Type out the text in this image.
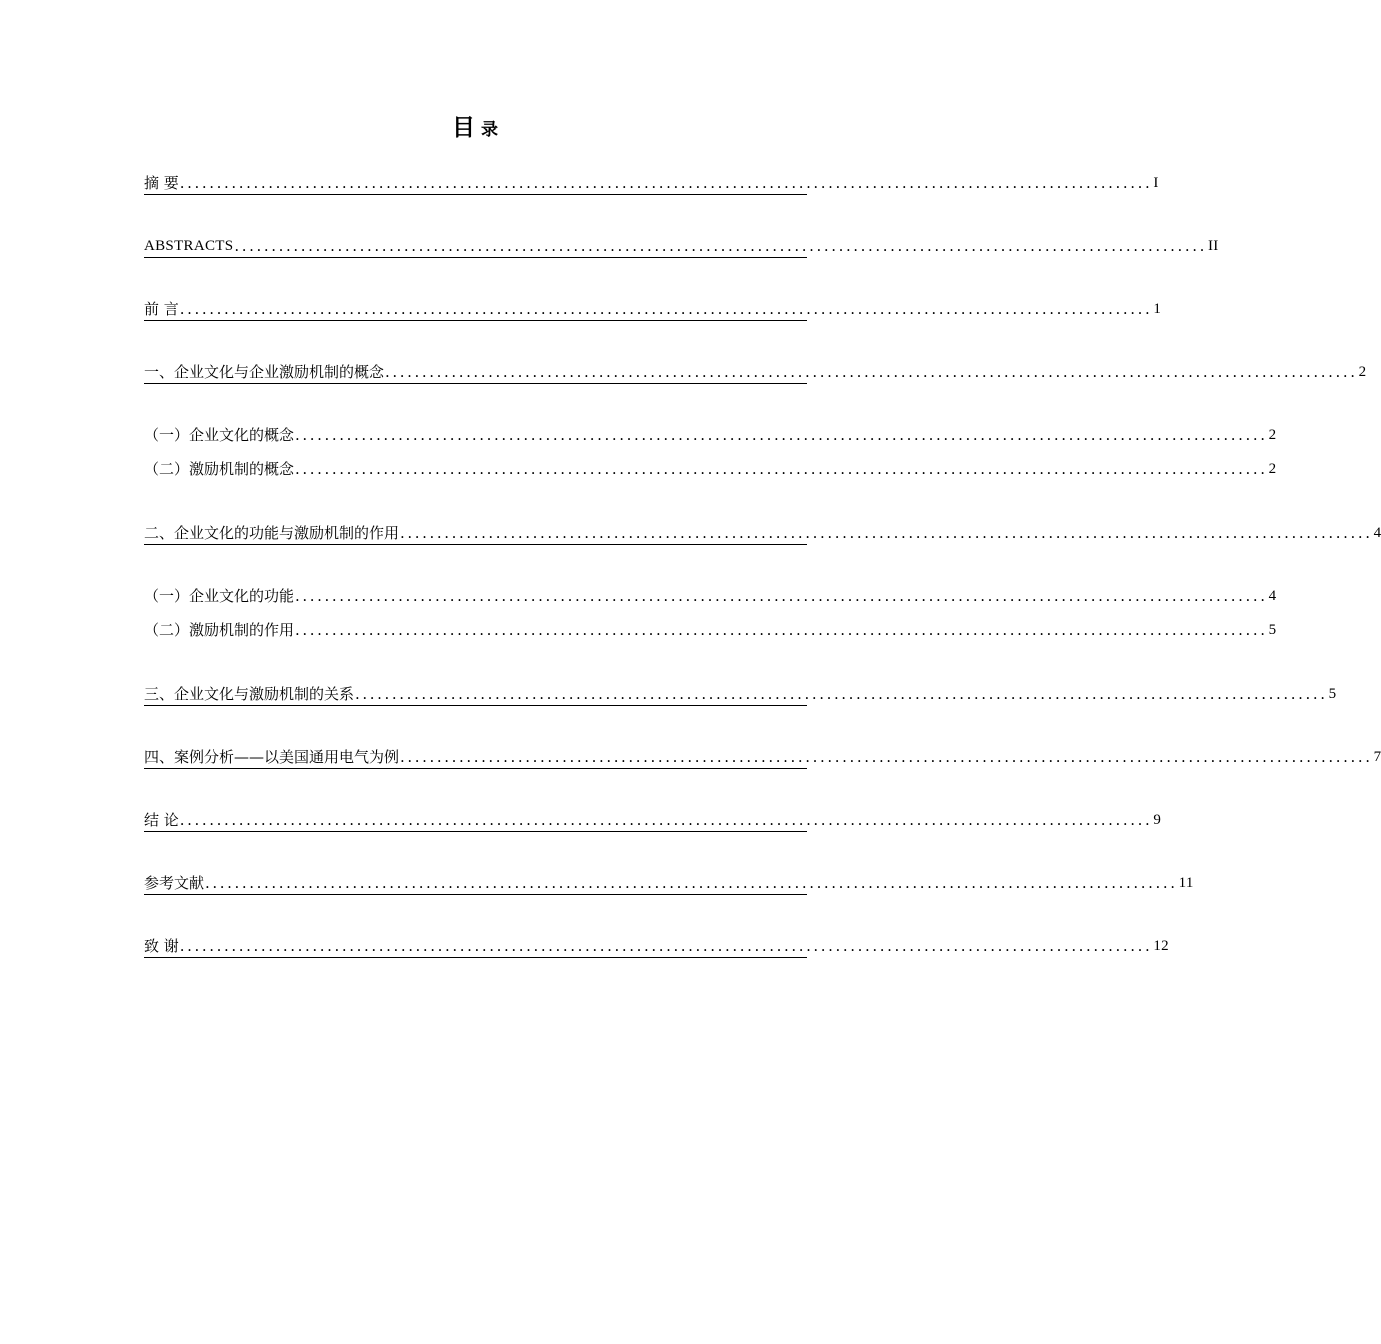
目 录
摘 要 .................................................................................................................................... I
ABSTRACTS .................................................................................................................................... II
前 言 .................................................................................................................................... 1
一、企业文化与企业激励机制的概念 .................................................................................................................................... 2
（一）企业文化的概念 .................................................................................................................................... 2
（二）激励机制的概念 .................................................................................................................................... 2
二、企业文化的功能与激励机制的作用 .................................................................................................................................... 4
（一）企业文化的功能 .................................................................................................................................... 4
（二）激励机制的作用 .................................................................................................................................... 5
三、企业文化与激励机制的关系 .................................................................................................................................... 5
四、案例分析——以美国通用电气为例 .................................................................................................................................... 7
结 论 .................................................................................................................................... 9
参考文献 .................................................................................................................................... 11
致 谢 .................................................................................................................................... 12
